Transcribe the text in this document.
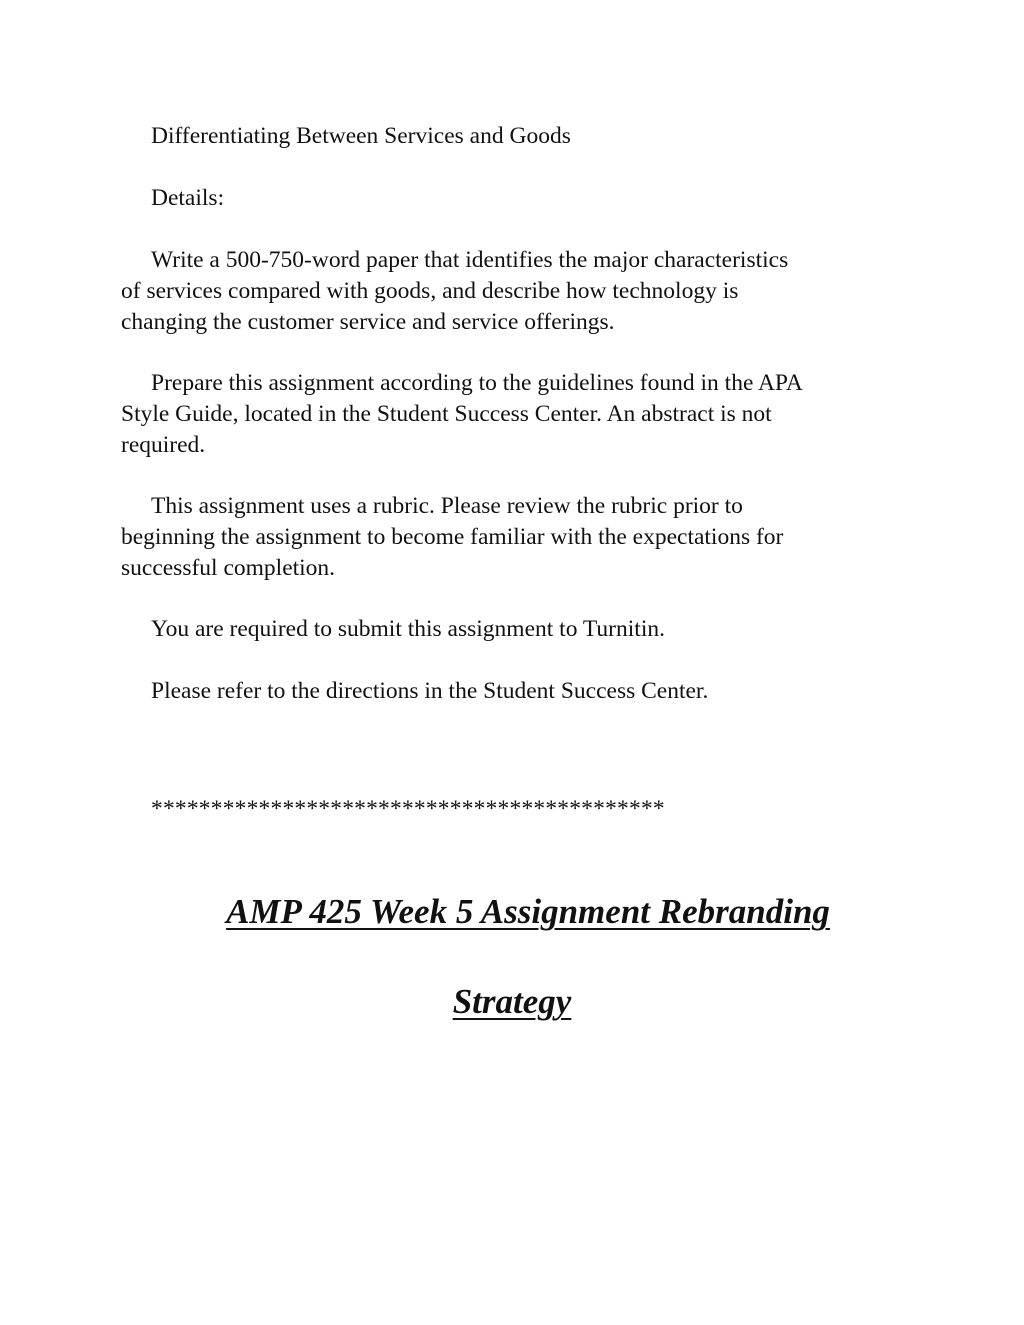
Differentiating Between Services and Goods

Details:

Write a 500-750-word paper that identifies the major characteristics
of services compared with goods, and describe how technology is
changing the customer service and service offerings.

Prepare this assignment according to the guidelines found in the APA
Style Guide, located in the Student Success Center. An abstract is not
required.

This assignment uses a rubric. Please review the rubric prior to
beginning the assignment to become familiar with the expectations for
successful completion.

You are required to submit this assignment to Turnitin.

Please refer to the directions in the Student Success Center.

*******************************************

AMP 425 Week 5 Assignment Rebranding
Strategy
